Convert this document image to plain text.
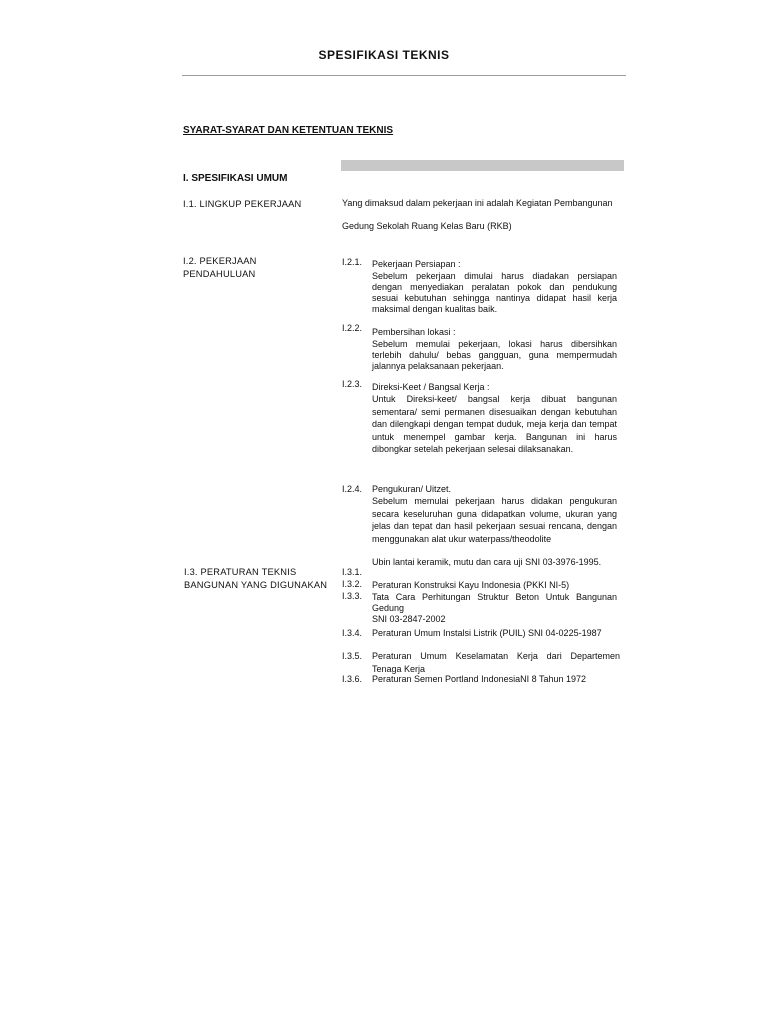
SPESIFIKASI TEKNIS
SYARAT-SYARAT DAN KETENTUAN TEKNIS
I. SPESIFIKASI UMUM
I.1. LINGKUP PEKERJAAN	Yang dimaksud dalam pekerjaan ini adalah Kegiatan Pembangunan
Gedung Sekolah Ruang Kelas Baru (RKB)
I.2. PEKERJAAN
PENDAHULUAN
I.2.1. Pekerjaan Persiapan :
Sebelum pekerjaan dimulai harus diadakan persiapan dengan menyediakan peralatan pokok dan pendukung sesuai kebutuhan sehingga nantinya didapat hasil kerja maksimal dengan kualitas baik.
I.2.2. Pembersihan lokasi :
Sebelum memulai pekerjaan, lokasi harus dibersihkan terlebih dahulu/ bebas gangguan, guna mempermudah jalannya pelaksanaan pekerjaan.
I.2.3. Direksi-Keet / Bangsal Kerja :
Untuk Direksi-keet/ bangsal kerja dibuat bangunan sementara/ semi permanen disesuaikan dengan kebutuhan dan dilengkapi dengan tempat duduk, meja kerja dan tempat untuk menempel gambar kerja. Bangunan ini harus dibongkar setelah pekerjaan selesai dilaksanakan.
I.2.4. Pengukuran/ Uitzet.
Sebelum memulai pekerjaan harus didakan pengukuran secara keseluruhan guna didapatkan volume, ukuran yang jelas dan tepat dan hasil pekerjaan sesuai rencana, dengan menggunakan alat ukur waterpass/theodolite
I.3. PERATURAN TEKNIS
BANGUNAN YANG DIGUNAKAN
I.3.1.
Ubin lantai keramik, mutu dan cara uji SNI 03-3976-1995.
I.3.2. Peraturan Konstruksi Kayu Indonesia (PKKI NI-5)
I.3.3. Tata Cara Perhitungan Struktur Beton Untuk Bangunan Gedung
SNI 03-2847-2002
I.3.4. Peraturan Umum Instalsi Listrik (PUIL) SNI 04-0225-1987
I.3.5. Peraturan Umum Keselamatan Kerja dari Departemen Tenaga Kerja
I.3.6. Peraturan Semen Portland IndonesiaNI 8 Tahun 1972
